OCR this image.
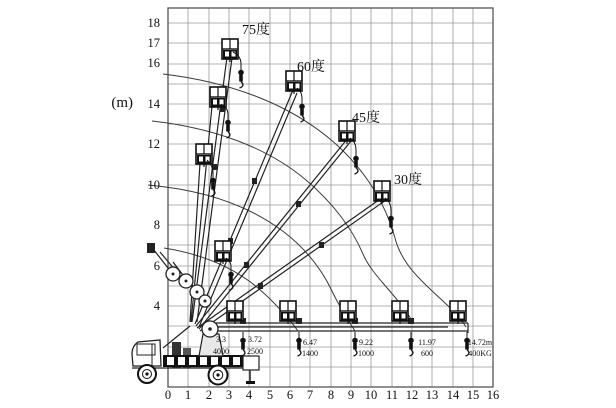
0 1 2 3 4 5 6 7 8 9 10 11 12 13 14 15 16
18
17
16
14
12
10
8
6
4
(m)
75度
60度
45度
30度
3.3
4000
3.72
2500
6.47
1400
9.22
1000
11.97
600
14.72m
400KG
